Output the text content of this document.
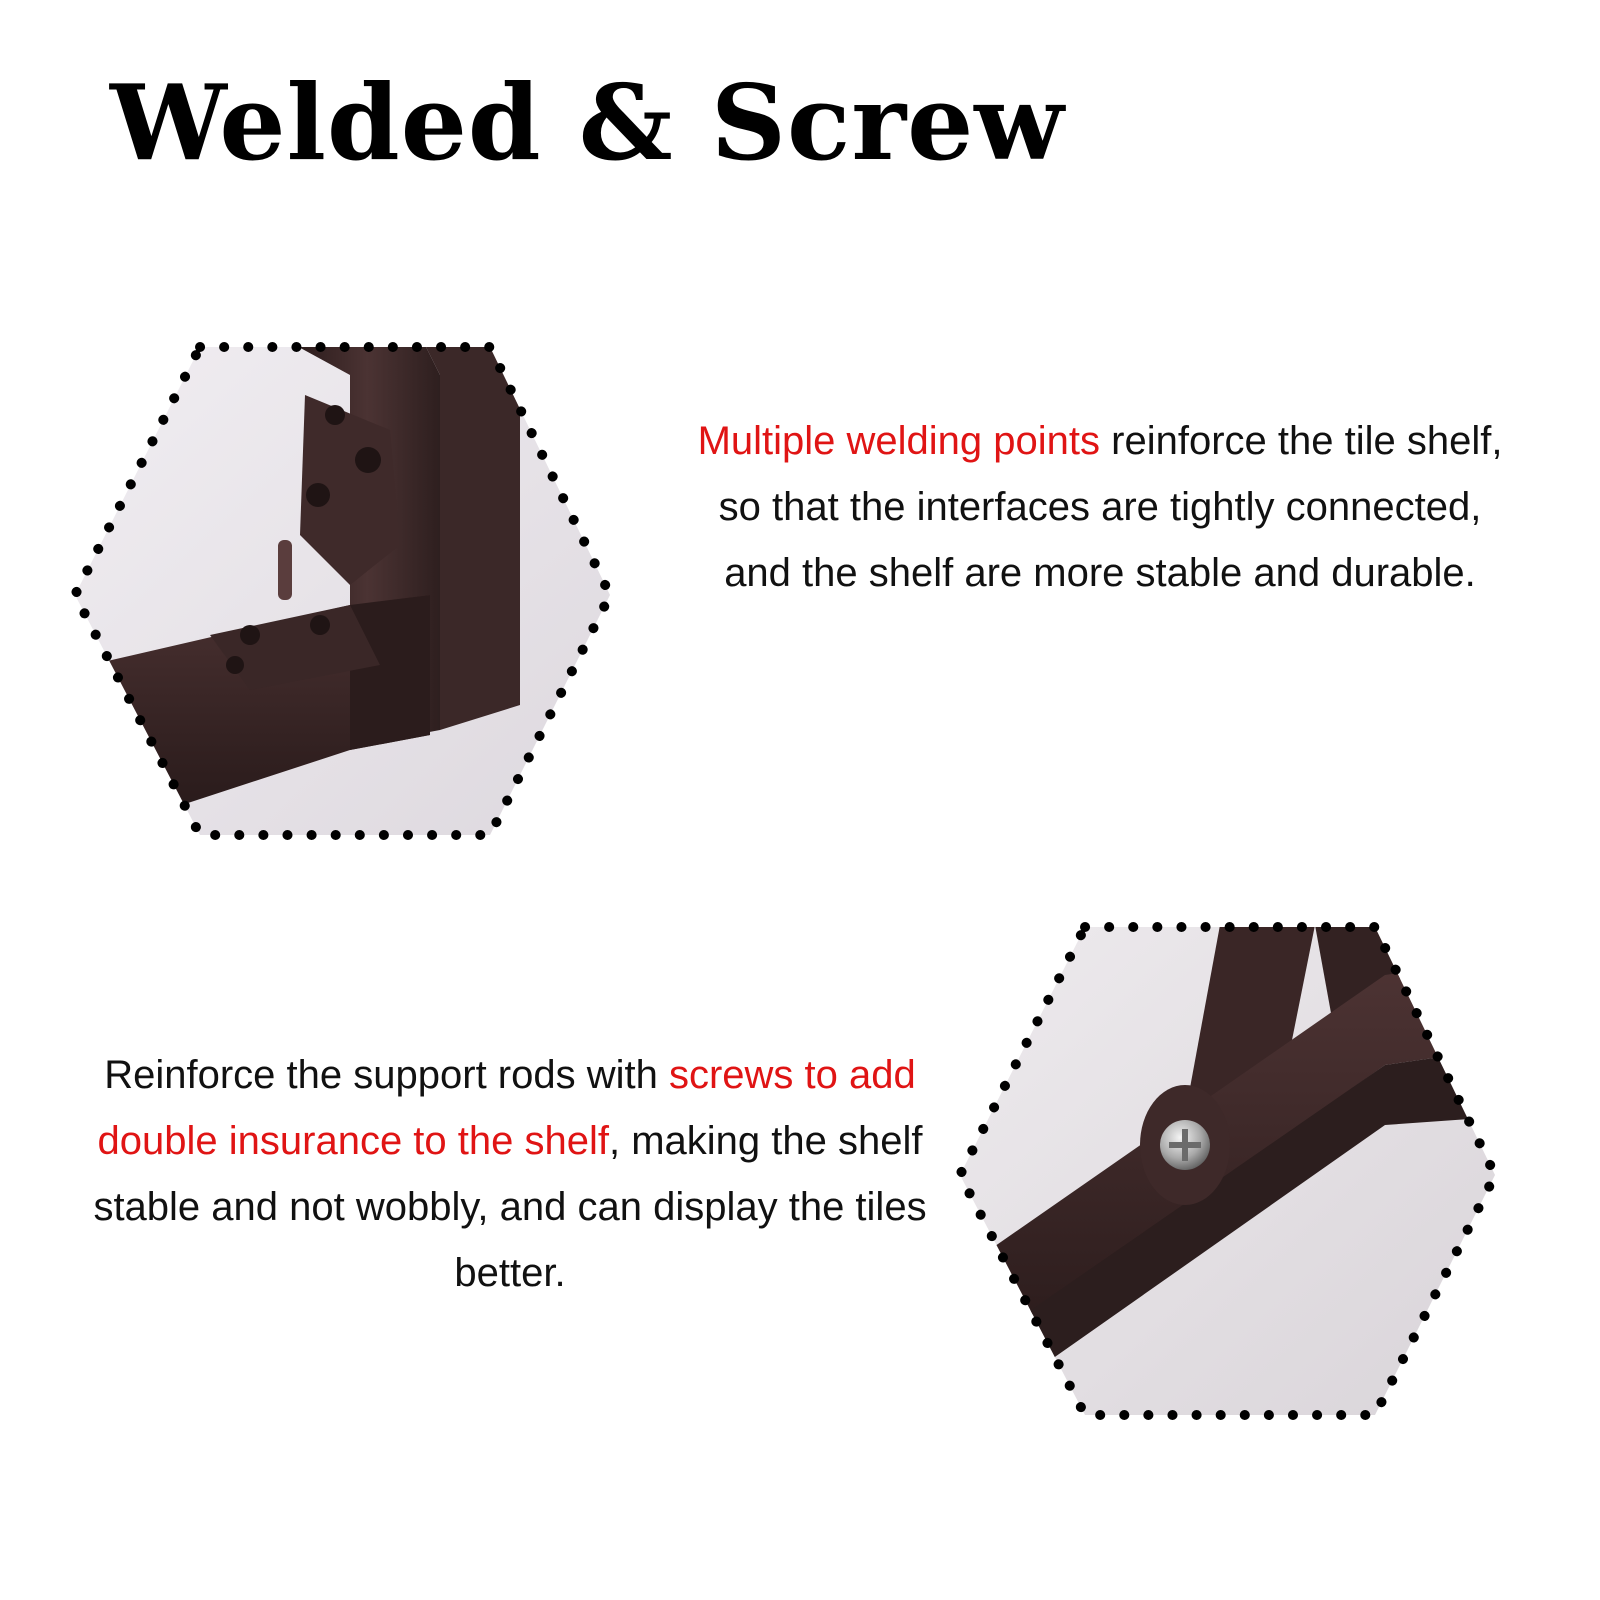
Welded & Screw

Multiple welding points reinforce the tile shelf, so that the interfaces are tightly connected, and the shelf are more stable and durable.

Reinforce the support rods with screws to add double insurance to the shelf, making the shelf stable and not wobbly, and can display the tiles better.
